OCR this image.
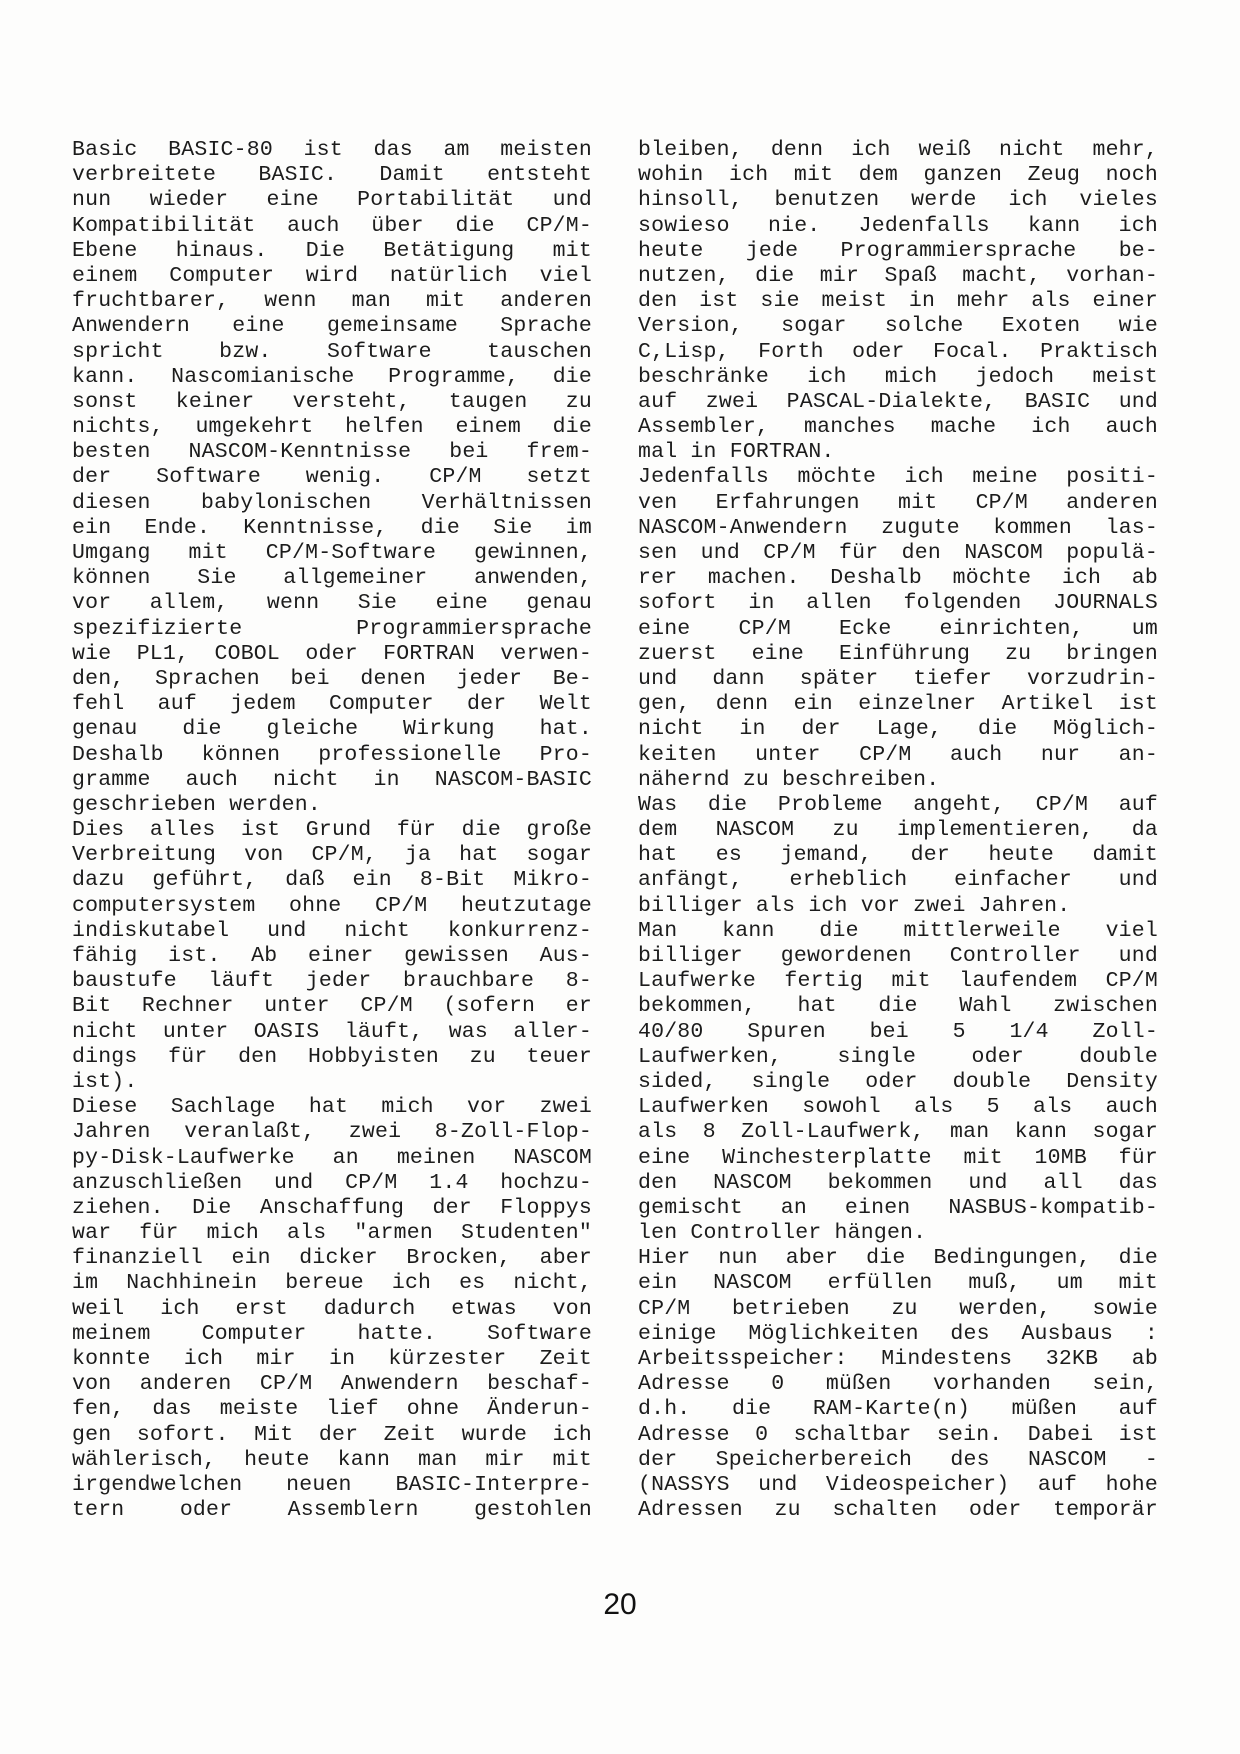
Basic BASIC-80 ist das am meisten
verbreitete BASIC. Damit entsteht
nun wieder eine Portabilität und
Kompatibilität auch über die CP/M-
Ebene hinaus. Die Betätigung mit
einem Computer wird natürlich viel
fruchtbarer, wenn man mit anderen
Anwendern eine gemeinsame Sprache
spricht bzw. Software tauschen
kann. Nascomianische Programme, die
sonst keiner versteht, taugen zu
nichts, umgekehrt helfen einem die
besten NASCOM-Kenntnisse bei frem-
der Software wenig. CP/M setzt
diesen babylonischen Verhältnissen
ein Ende. Kenntnisse, die Sie im
Umgang mit CP/M-Software gewinnen,
können Sie allgemeiner anwenden,
vor allem, wenn Sie eine genau
spezifizierte Programmiersprache
wie PL1, COBOL oder FORTRAN verwen-
den, Sprachen bei denen jeder Be-
fehl auf jedem Computer der Welt
genau die gleiche Wirkung hat.
Deshalb können professionelle Pro-
gramme auch nicht in NASCOM-BASIC
geschrieben werden.
Dies alles ist Grund für die große
Verbreitung von CP/M, ja hat sogar
dazu geführt, daß ein 8-Bit Mikro-
computersystem ohne CP/M heutzutage
indiskutabel und nicht konkurrenz-
fähig ist. Ab einer gewissen Aus-
baustufe läuft jeder brauchbare 8-
Bit Rechner unter CP/M (sofern er
nicht unter OASIS läuft, was aller-
dings für den Hobbyisten zu teuer
ist).
Diese Sachlage hat mich vor zwei
Jahren veranlaßt, zwei 8-Zoll-Flop-
py-Disk-Laufwerke an meinen NASCOM
anzuschließen und CP/M 1.4 hochzu-
ziehen. Die Anschaffung der Floppys
war für mich als "armen Studenten"
finanziell ein dicker Brocken, aber
im Nachhinein bereue ich es nicht,
weil ich erst dadurch etwas von
meinem Computer hatte. Software
konnte ich mir in kürzester Zeit
von anderen CP/M Anwendern beschaf-
fen, das meiste lief ohne Änderun-
gen sofort. Mit der Zeit wurde ich
wählerisch, heute kann man mir mit
irgendwelchen neuen BASIC-Interpre-
tern oder Assemblern gestohlen
bleiben, denn ich weiß nicht mehr,
wohin ich mit dem ganzen Zeug noch
hinsoll, benutzen werde ich vieles
sowieso nie. Jedenfalls kann ich
heute jede Programmiersprache be-
nutzen, die mir Spaß macht, vorhan-
den ist sie meist in mehr als einer
Version, sogar solche Exoten wie
C,Lisp, Forth oder Focal. Praktisch
beschränke ich mich jedoch meist
auf zwei PASCAL-Dialekte, BASIC und
Assembler, manches mache ich auch
mal in FORTRAN.
Jedenfalls möchte ich meine positi-
ven Erfahrungen mit CP/M anderen
NASCOM-Anwendern zugute kommen las-
sen und CP/M für den NASCOM populä-
rer machen. Deshalb möchte ich ab
sofort in allen folgenden JOURNALS
eine CP/M Ecke einrichten, um
zuerst eine Einführung zu bringen
und dann später tiefer vorzudrin-
gen, denn ein einzelner Artikel ist
nicht in der Lage, die Möglich-
keiten unter CP/M auch nur an-
nähernd zu beschreiben.
Was die Probleme angeht, CP/M auf
dem NASCOM zu implementieren, da
hat es jemand, der heute damit
anfängt, erheblich einfacher und
billiger als ich vor zwei Jahren.
Man kann die mittlerweile viel
billiger gewordenen Controller und
Laufwerke fertig mit laufendem CP/M
bekommen, hat die Wahl zwischen
40/80 Spuren bei 5 1/4 Zoll-
Laufwerken, single oder double
sided, single oder double Density
Laufwerken sowohl als 5 als auch
als 8 Zoll-Laufwerk, man kann sogar
eine Winchesterplatte mit 10MB für
den NASCOM bekommen und all das
gemischt an einen NASBUS-kompatib-
len Controller hängen.
Hier nun aber die Bedingungen, die
ein NASCOM erfüllen muß, um mit
CP/M betrieben zu werden, sowie
einige Möglichkeiten des Ausbaus :
Arbeitsspeicher: Mindestens 32KB ab
Adresse 0 müßen vorhanden sein,
d.h. die RAM-Karte(n) müßen auf
Adresse 0 schaltbar sein. Dabei ist
der Speicherbereich des NASCOM -
(NASSYS und Videospeicher) auf hohe
Adressen zu schalten oder temporär
20
